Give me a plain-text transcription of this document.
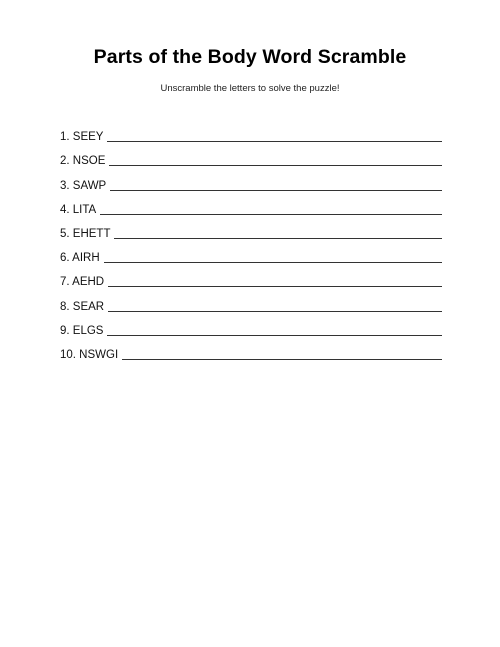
Parts of the Body Word Scramble
Unscramble the letters to solve the puzzle!
1. SEEY
2. NSOE
3. SAWP
4. LITA
5. EHETT
6. AIRH
7. AEHD
8. SEAR
9. ELGS
10. NSWGI
